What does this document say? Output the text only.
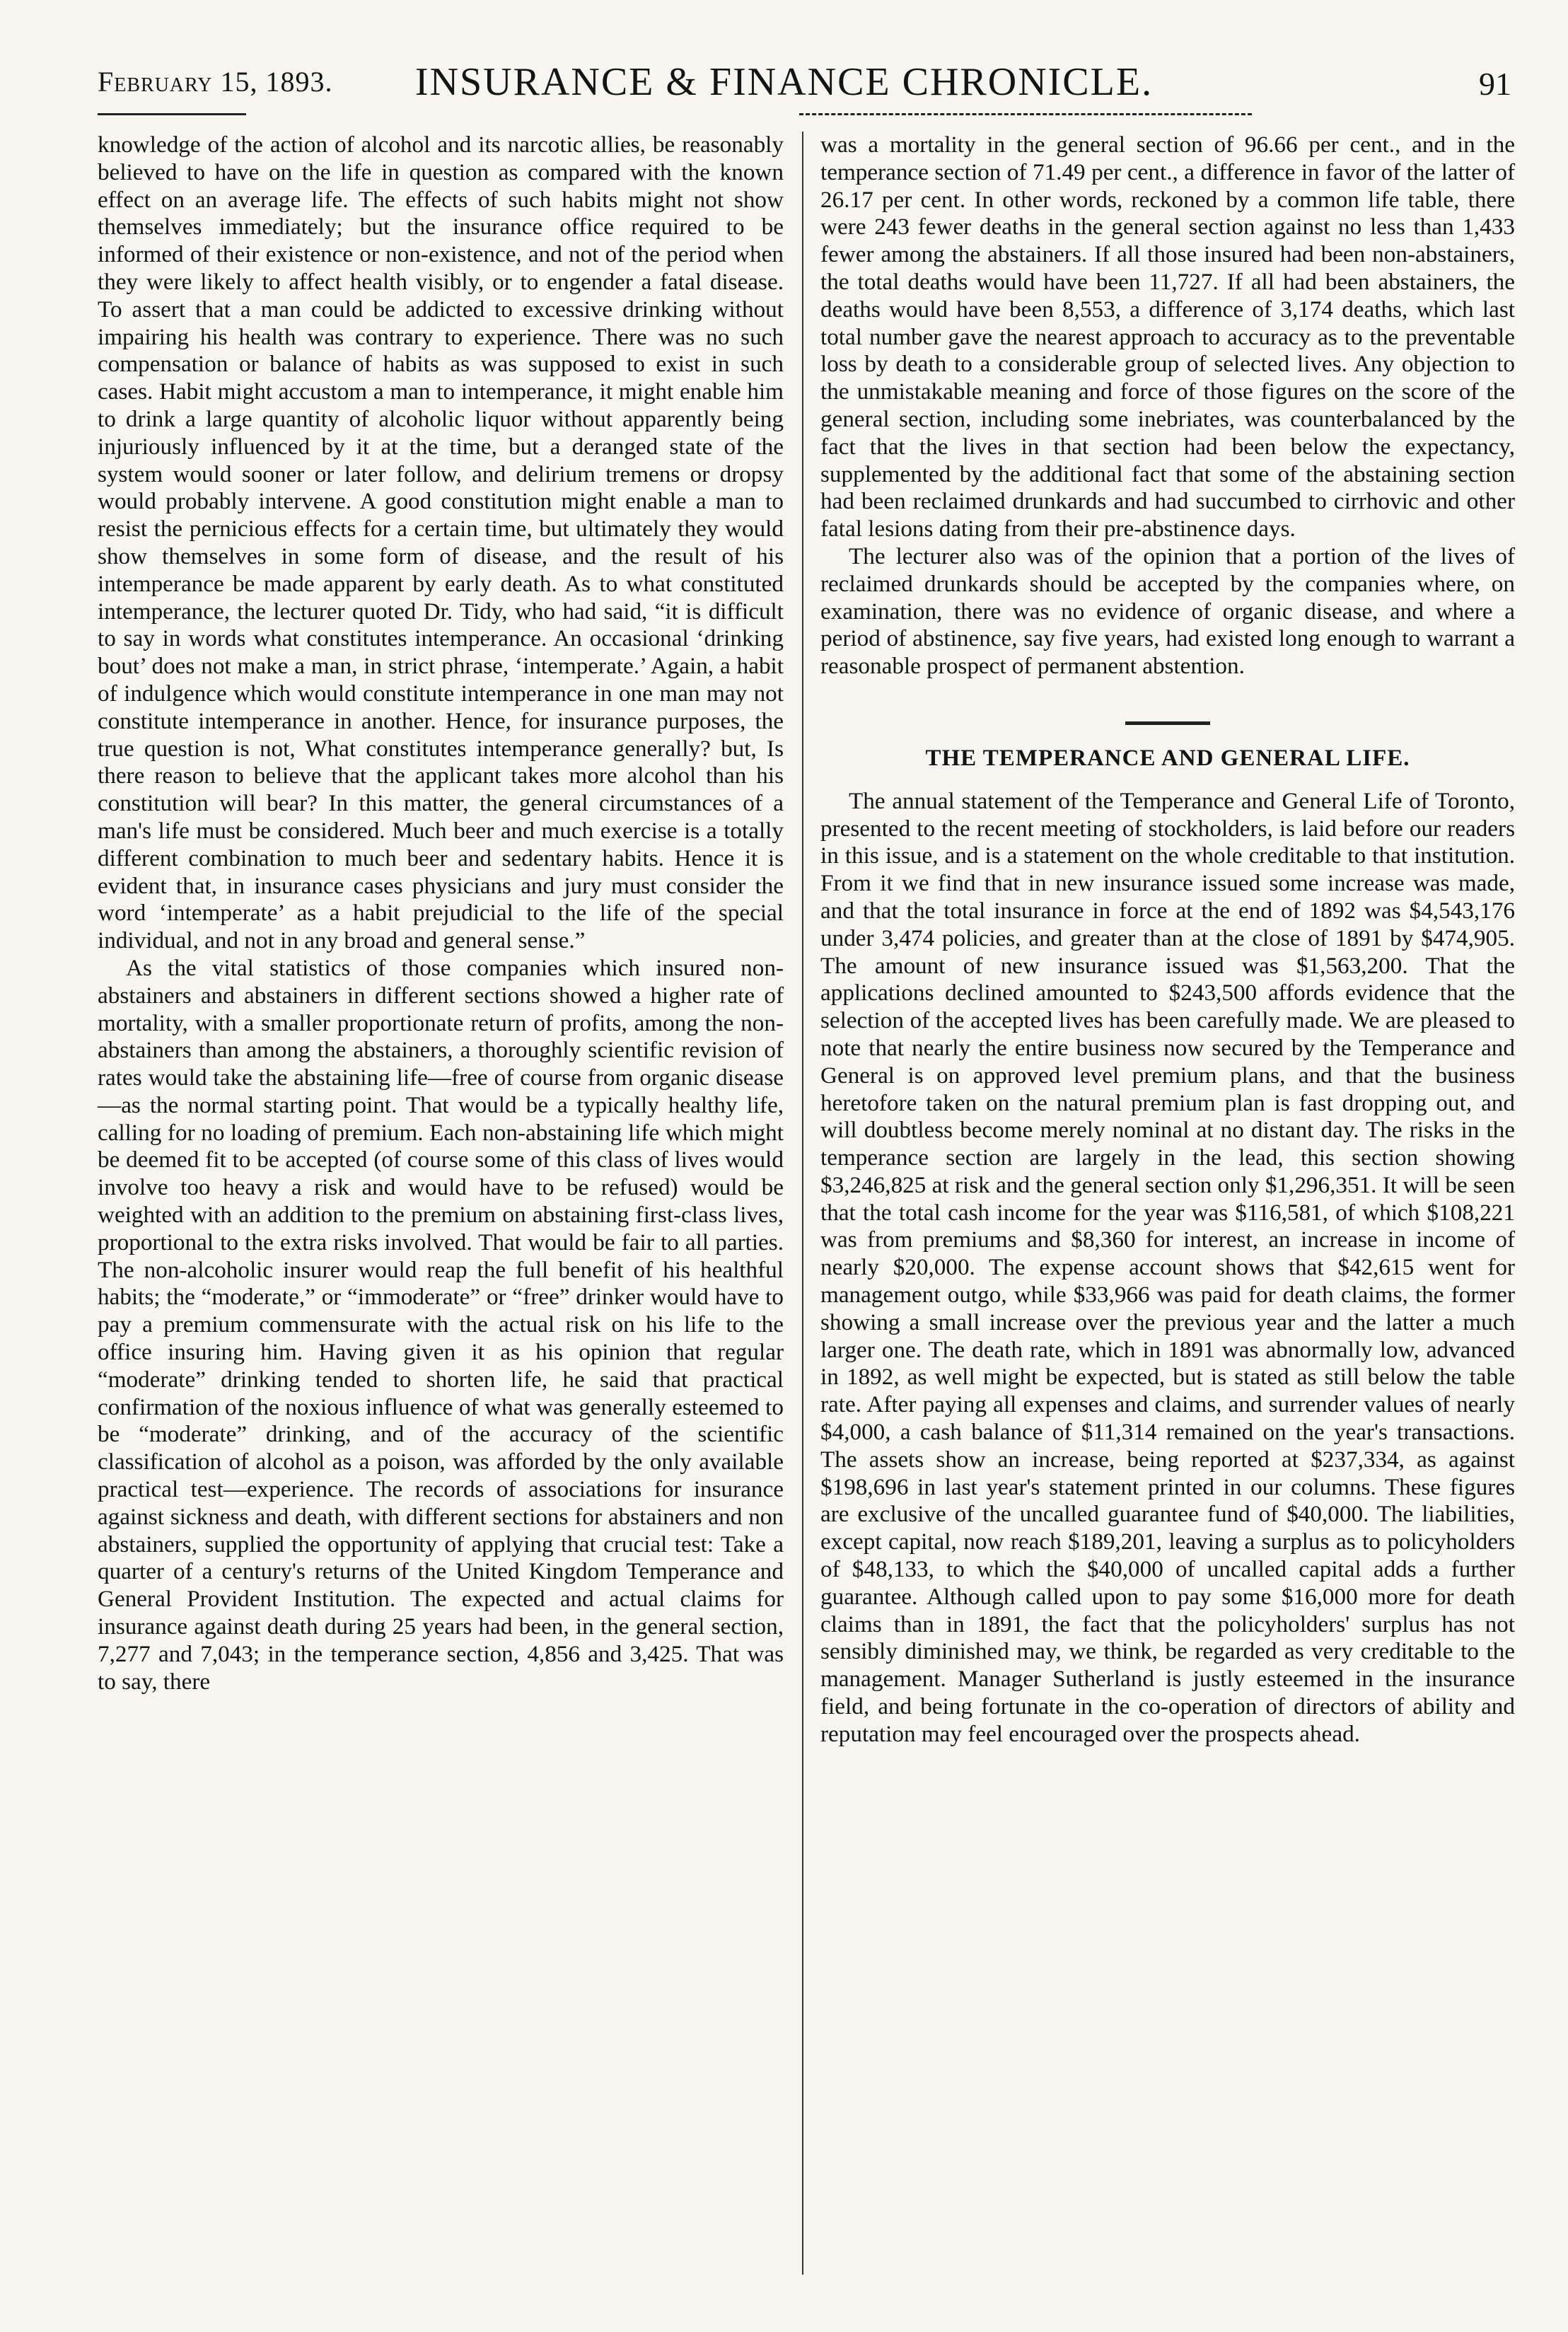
February 15, 1893.	INSURANCE & FINANCE CHRONICLE.	91

knowledge of the action of alcohol and its narcotic allies, be reasonably believed to have on the life in question as compared with the known effect on an average life. The effects of such habits might not show themselves immediately; but the insurance office required to be informed of their existence or non-existence, and not of the period when they were likely to affect health visibly, or to engender a fatal disease. To assert that a man could be addicted to excessive drinking without impairing his health was contrary to experience. There was no such compensation or balance of habits as was supposed to exist in such cases. Habit might accustom a man to intemperance, it might enable him to drink a large quantity of alcoholic liquor without apparently being injuriously influenced by it at the time, but a deranged state of the system would sooner or later follow, and delirium tremens or dropsy would probably intervene. A good constitution might enable a man to resist the pernicious effects for a certain time, but ultimately they would show themselves in some form of disease, and the result of his intemperance be made apparent by early death. As to what constituted intemperance, the lecturer quoted Dr. Tidy, who had said, “it is difficult to say in words what constitutes intemperance. An occasional ‘drinking bout’ does not make a man, in strict phrase, ‘intemperate.’ Again, a habit of indulgence which would constitute intemperance in one man may not constitute intemperance in another. Hence, for insurance purposes, the true question is not, What constitutes intemperance generally? but, Is there reason to believe that the applicant takes more alcohol than his constitution will bear? In this matter, the general circumstances of a man's life must be considered. Much beer and much exercise is a totally different combination to much beer and sedentary habits. Hence it is evident that, in insurance cases physicians and jury must consider the word ‘intemperate’ as a habit prejudicial to the life of the special individual, and not in any broad and general sense.”

As the vital statistics of those companies which insured non-abstainers and abstainers in different sections showed a higher rate of mortality, with a smaller proportionate return of profits, among the non-abstainers than among the abstainers, a thoroughly scientific revision of rates would take the abstaining life—free of course from organic disease—as the normal starting point. That would be a typically healthy life, calling for no loading of premium. Each non-abstaining life which might be deemed fit to be accepted (of course some of this class of lives would involve too heavy a risk and would have to be refused) would be weighted with an addition to the premium on abstaining first-class lives, proportional to the extra risks involved. That would be fair to all parties. The non-alcoholic insurer would reap the full benefit of his healthful habits; the “moderate,” or “immoderate” or “free” drinker would have to pay a premium commensurate with the actual risk on his life to the office insuring him. Having given it as his opinion that regular “moderate” drinking tended to shorten life, he said that practical confirmation of the noxious influence of what was generally esteemed to be “moderate” drinking, and of the accuracy of the scientific classification of alcohol as a poison, was afforded by the only available practical test—experience. The records of associations for insurance against sickness and death, with different sections for abstainers and non abstainers, supplied the opportunity of applying that crucial test: Take a quarter of a century's returns of the United Kingdom Temperance and General Provident Institution. The expected and actual claims for insurance against death during 25 years had been, in the general section, 7,277 and 7,043; in the temperance section, 4,856 and 3,425. That was to say, there

was a mortality in the general section of 96.66 per cent., and in the temperance section of 71.49 per cent., a difference in favor of the latter of 26.17 per cent. In other words, reckoned by a common life table, there were 243 fewer deaths in the general section against no less than 1,433 fewer among the abstainers. If all those insured had been non-abstainers, the total deaths would have been 11,727. If all had been abstainers, the deaths would have been 8,553, a difference of 3,174 deaths, which last total number gave the nearest approach to accuracy as to the preventable loss by death to a considerable group of selected lives. Any objection to the unmistakable meaning and force of those figures on the score of the general section, including some inebriates, was counterbalanced by the fact that the lives in that section had been below the expectancy, supplemented by the additional fact that some of the abstaining section had been reclaimed drunkards and had succumbed to cirrhovic and other fatal lesions dating from their pre-abstinence days.

The lecturer also was of the opinion that a portion of the lives of reclaimed drunkards should be accepted by the companies where, on examination, there was no evidence of organic disease, and where a period of abstinence, say five years, had existed long enough to warrant a reasonable prospect of permanent abstention.

THE TEMPERANCE AND GENERAL LIFE.

The annual statement of the Temperance and General Life of Toronto, presented to the recent meeting of stockholders, is laid before our readers in this issue, and is a statement on the whole creditable to that institution. From it we find that in new insurance issued some increase was made, and that the total insurance in force at the end of 1892 was $4,543,176 under 3,474 policies, and greater than at the close of 1891 by $474,905. The amount of new insurance issued was $1,563,200. That the applications declined amounted to $243,500 affords evidence that the selection of the accepted lives has been carefully made. We are pleased to note that nearly the entire business now secured by the Temperance and General is on approved level premium plans, and that the business heretofore taken on the natural premium plan is fast dropping out, and will doubtless become merely nominal at no distant day. The risks in the temperance section are largely in the lead, this section showing $3,246,825 at risk and the general section only $1,296,351. It will be seen that the total cash income for the year was $116,581, of which $108,221 was from premiums and $8,360 for interest, an increase in income of nearly $20,000. The expense account shows that $42,615 went for management outgo, while $33,966 was paid for death claims, the former showing a small increase over the previous year and the latter a much larger one. The death rate, which in 1891 was abnormally low, advanced in 1892, as well might be expected, but is stated as still below the table rate. After paying all expenses and claims, and surrender values of nearly $4,000, a cash balance of $11,314 remained on the year's transactions. The assets show an increase, being reported at $237,334, as against $198,696 in last year's statement printed in our columns. These figures are exclusive of the uncalled guarantee fund of $40,000. The liabilities, except capital, now reach $189,201, leaving a surplus as to policyholders of $48,133, to which the $40,000 of uncalled capital adds a further guarantee. Although called upon to pay some $16,000 more for death claims than in 1891, the fact that the policyholders' surplus has not sensibly diminished may, we think, be regarded as very creditable to the management. Manager Sutherland is justly esteemed in the insurance field, and being fortunate in the co-operation of directors of ability and reputation may feel encouraged over the prospects ahead.
